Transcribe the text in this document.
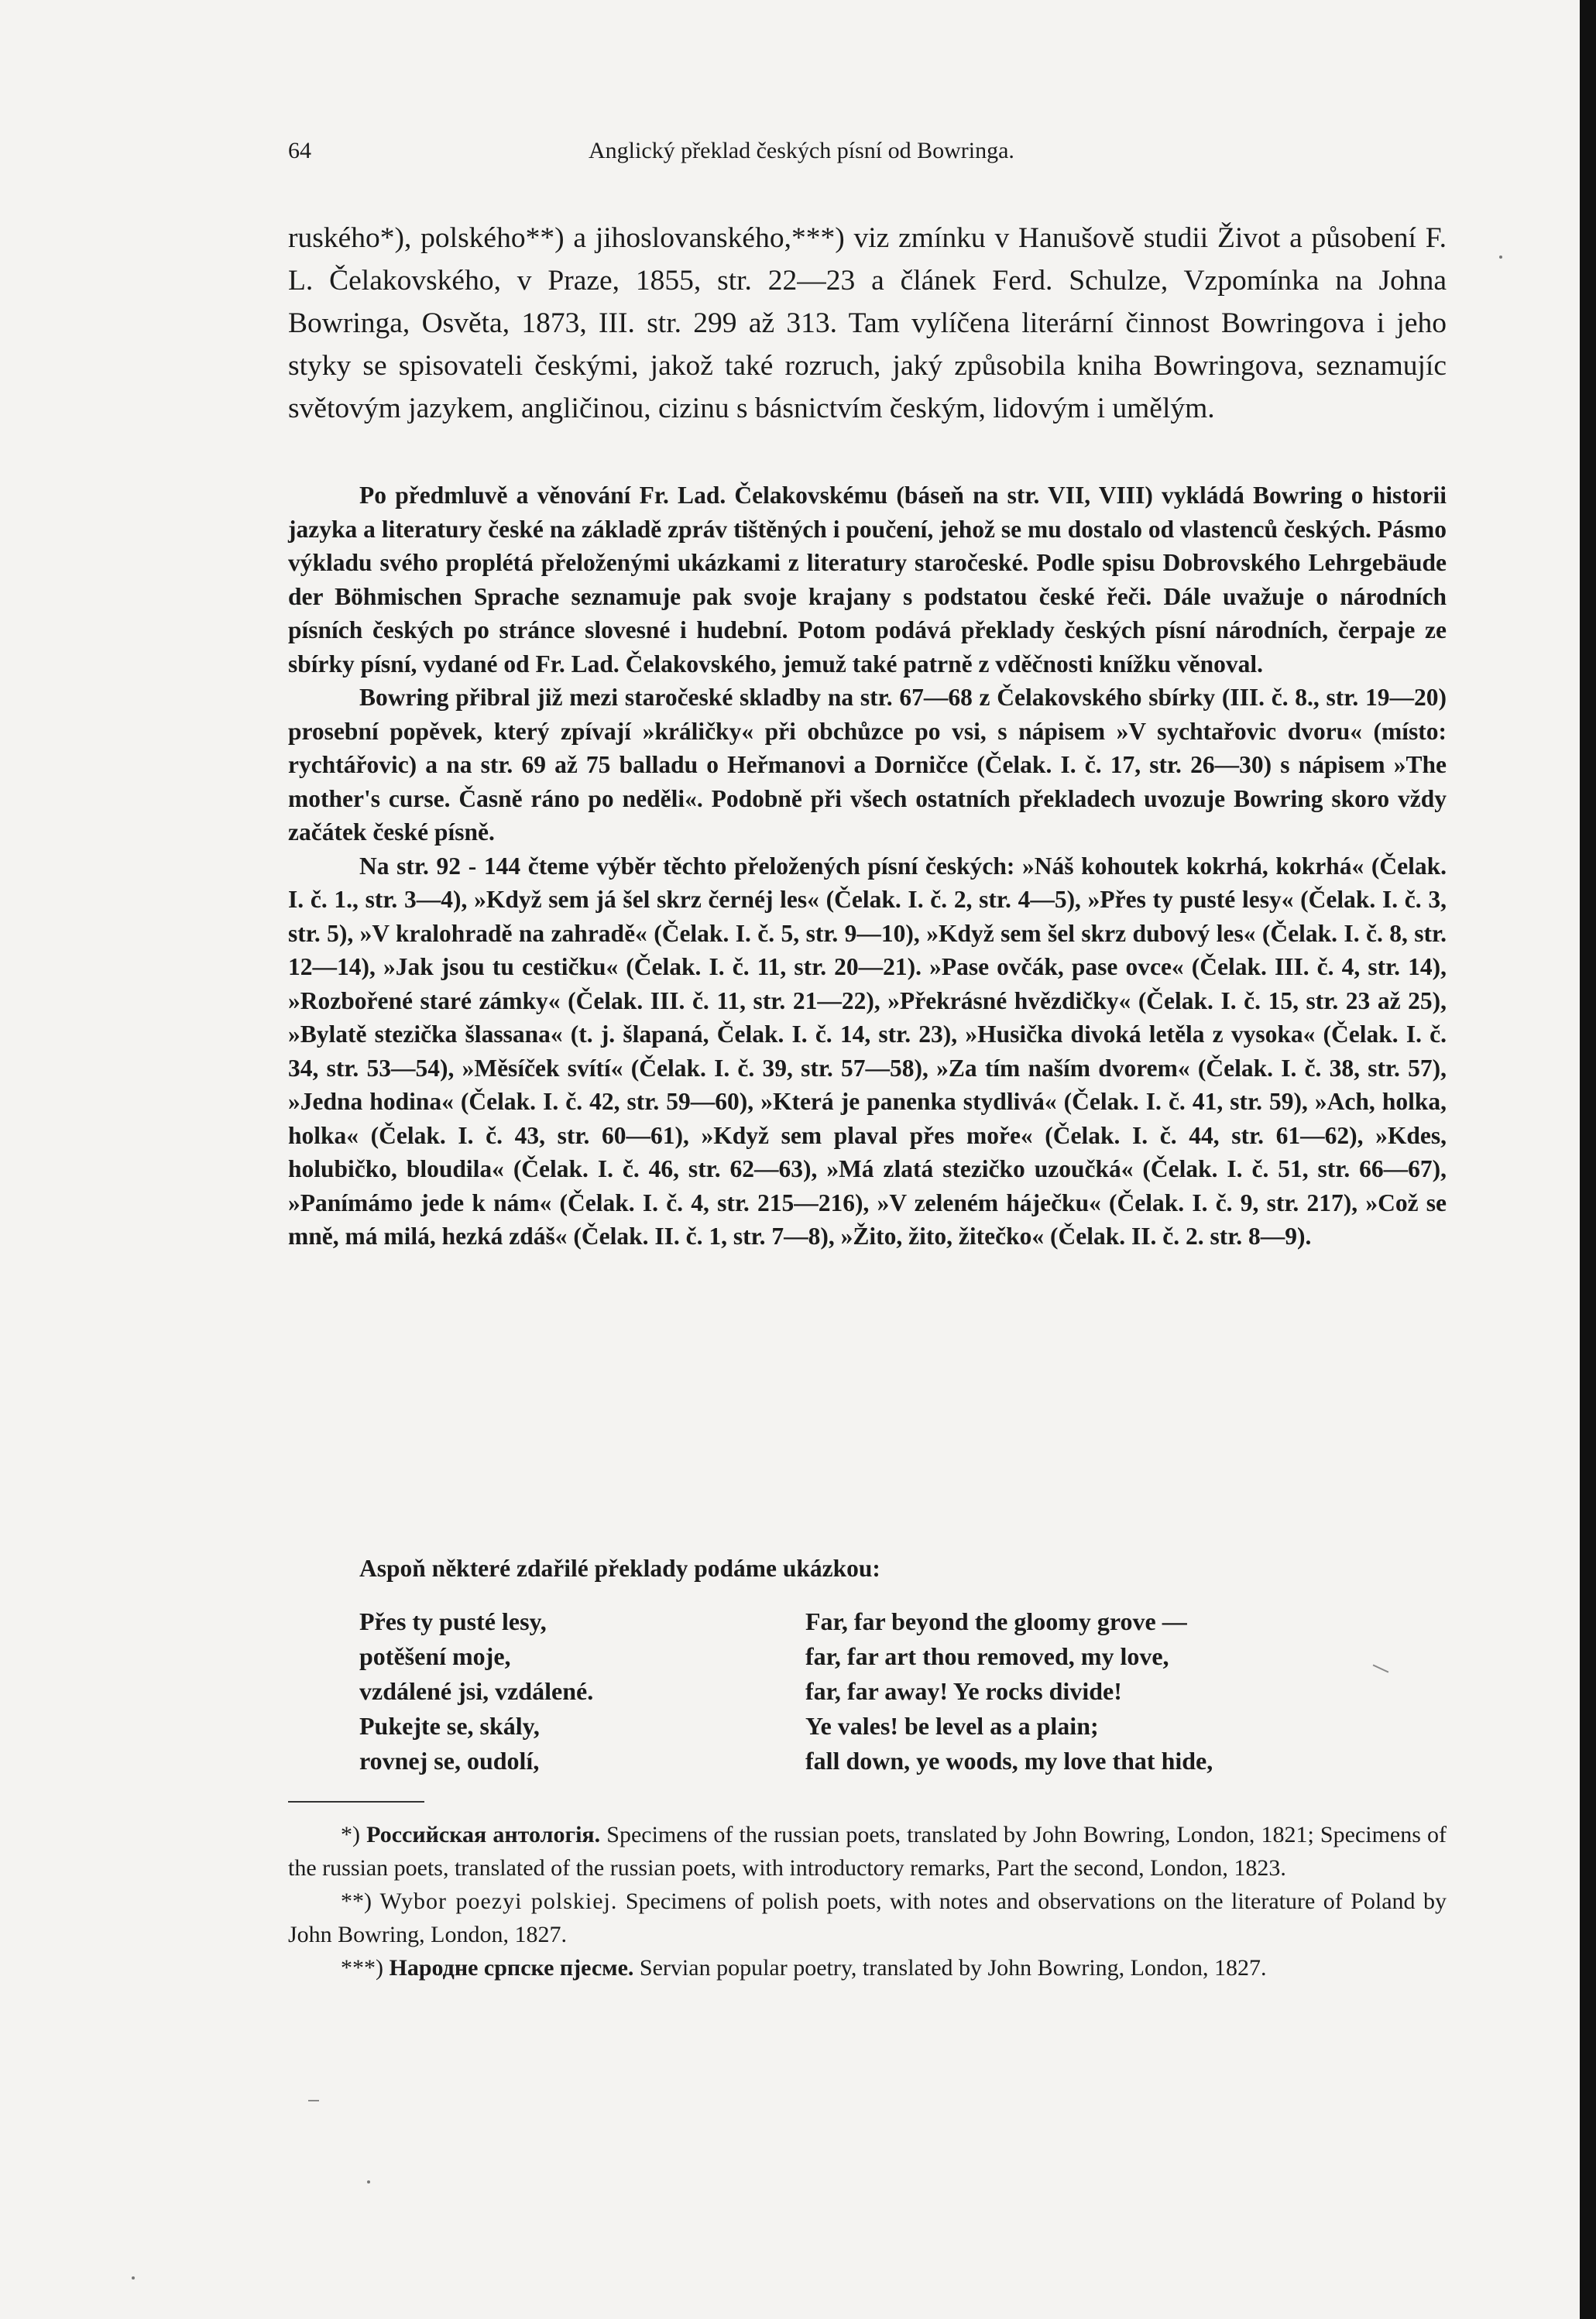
64	Anglický překlad českých písní od Bowringa.
ruského*), polského**) a jihoslovanského,***) viz zmínku v Hanušově studii Život a působení F. L. Čelakovského, v Praze, 1855, str. 22—23 a článek Ferd. Schulze, Vzpomínka na Johna Bowringa, Osvěta, 1873, III. str. 299 až 313. Tam vylíčena literární činnost Bowringova i jeho styky se spisovateli českými, jakož také rozruch, jaký způsobila kniha Bowringova, seznamujíc světovým jazykem, angličinou, cizinu s básnictvím českým, lidovým i umělým.

Po předmluvě a věnování Fr. Lad. Čelakovskému (báseň na str. VII, VIII) vykládá Bowring o historii jazyka a literatury české na základě zpráv tištěných i poučení, jehož se mu dostalo od vlastenců českých. Pásmo výkladu svého proplétá přeloženými ukázkami z literatury staročeské. Podle spisu Dobrovského Lehrgebäude der Böhmischen Sprache seznamuje pak svoje krajany s podstatou české řeči. Dále uvažuje o národních písních českých po stránce slovesné i hudební. Potom podává překlady českých písní národních, čerpaje ze sbírky písní, vydané od Fr. Lad. Čelakovského, jemuž také patrně z vděčnosti knížku věnoval.

Bowring přibral již mezi staročeské skladby na str. 67—68 z Čelakovského sbírky (III. č. 8., str. 19—20) prosební popěvek, který zpívají »králičky« při obchůzce po vsi, s nápisem »V sychtařovic dvoru« (místo: rychtářovic) a na str. 69 až 75 balladu o Heřmanovi a Dorničce (Čelak. I. č. 17, str. 26—30) s nápisem »The mother's curse. Časně ráno po neděli«. Podobně při všech ostatních překladech uvozuje Bowring skoro vždy začátek české písně.

Na str. 92 - 144 čteme výběr těchto přeložených písní českých: »Náš kohoutek kokrhá, kokrhá« (Čelak. I. č. 1., str. 3—4), »Když sem já šel skrz černéj les« (Čelak. I. č. 2, str. 4—5), »Přes ty pusté lesy« (Čelak. I. č. 3, str. 5), »V kralohradě na zahradě« (Čelak. I. č. 5, str. 9—10), »Když sem šel skrz dubový les« (Čelak. I. č. 8, str. 12—14), »Jak jsou tu cestičku« (Čelak. I. č. 11, str. 20—21). »Pase ovčák, pase ovce« (Čelak. III. č. 4, str. 14), »Rozbořené staré zámky« (Čelak. III. č. 11, str. 21—22), »Překrásné hvězdičky« (Čelak. I. č. 15, str. 23 až 25), »Bylatě stezička šlassana« (t. j. šlapaná, Čelak. I. č. 14, str. 23), »Husička divoká letěla z vysoka« (Čelak. I. č. 34, str. 53—54), »Měsíček svítí« (Čelak. I. č. 39, str. 57—58), »Za tím naším dvorem« (Čelak. I. č. 38, str. 57), »Jedna hodina« (Čelak. I. č. 42, str. 59—60), »Která je panenka stydlivá« (Čelak. I. č. 41, str. 59), »Ach, holka, holka« (Čelak. I. č. 43, str. 60—61), »Když sem plaval přes moře« (Čelak. I. č. 44, str. 61—62), »Kdes, holubičko, bloudila« (Čelak. I. č. 46, str. 62—63), »Má zlatá stezičko uzoučká« (Čelak. I. č. 51, str. 66—67), »Panímámo jede k nám« (Čelak. I. č. 4, str. 215—216), »V zeleném háječku« (Čelak. I. č. 9, str. 217), »Což se mně, má milá, hezká zdáš« (Čelak. II. č. 1, str. 7—8), »Žito, žito, žitečko« (Čelak. II. č. 2. str. 8—9).

Aspoň některé zdařilé překlady podáme ukázkou:
Přes ty pusté lesy,
potěšení moje,
vzdálené jsi, vzdálené.
Pukejte se, skály,
rovnej se, oudolí,
Far, far beyond the gloomy grove —
far, far art thou removed, my love,
far, far away! Ye rocks divide!
Ye vales! be level as a plain;
fall down, ye woods, my love that hide,

*) Российская антологія. Specimens of the russian poets, translated by John Bowring, London, 1821; Specimens of the russian poets, translated of the russian poets, with introductory remarks, Part the second, London, 1823.

**) Wybor poezyi polskiej. Specimens of polish poets, with notes and observations on the literature of Poland by John Bowring, London, 1827.

***) Народне српске пјесме. Servian popular poetry, translated by John Bowring, London, 1827.
